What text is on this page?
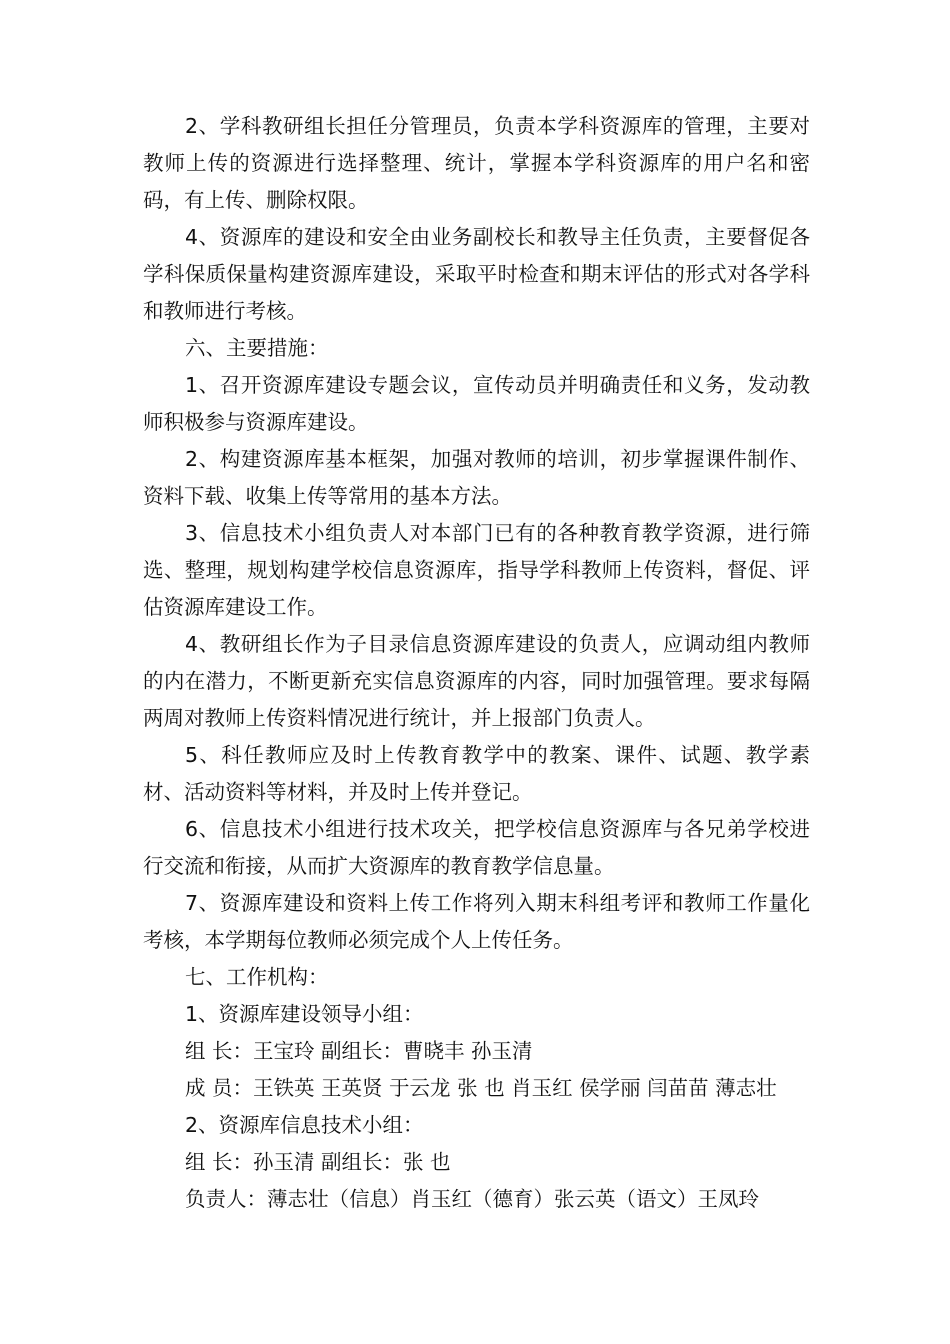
2、学科教研组长担任分管理员，负责本学科资源库的管理，主要对教师上传的资源进行选择整理、统计，掌握本学科资源库的用户名和密码，有上传、删除权限。

4、资源库的建设和安全由业务副校长和教导主任负责，主要督促各学科保质保量构建资源库建设，采取平时检查和期末评估的形式对各学科和教师进行考核。

六、主要措施：

1、召开资源库建设专题会议，宣传动员并明确责任和义务，发动教师积极参与资源库建设。

2、构建资源库基本框架，加强对教师的培训，初步掌握课件制作、资料下载、收集上传等常用的基本方法。

3、信息技术小组负责人对本部门已有的各种教育教学资源，进行筛选、整理，规划构建学校信息资源库，指导学科教师上传资料，督促、评估资源库建设工作。

4、教研组长作为子目录信息资源库建设的负责人，应调动组内教师的内在潜力，不断更新充实信息资源库的内容，同时加强管理。要求每隔两周对教师上传资料情况进行统计，并上报部门负责人。

5、科任教师应及时上传教育教学中的教案、课件、试题、教学素材、活动资料等材料，并及时上传并登记。

6、信息技术小组进行技术攻关，把学校信息资源库与各兄弟学校进行交流和衔接，从而扩大资源库的教育教学信息量。

7、资源库建设和资料上传工作将列入期末科组考评和教师工作量化考核，本学期每位教师必须完成个人上传任务。

七、工作机构：

1、资源库建设领导小组：

组 长：王宝玲 副组长：曹晓丰 孙玉清

成 员：王铁英 王英贤 于云龙 张 也 肖玉红 侯学丽 闫苗苗 薄志壮

2、资源库信息技术小组：

组 长：孙玉清 副组长：张 也

负责人：薄志壮（信息）肖玉红（德育）张云英（语文）王凤玲
